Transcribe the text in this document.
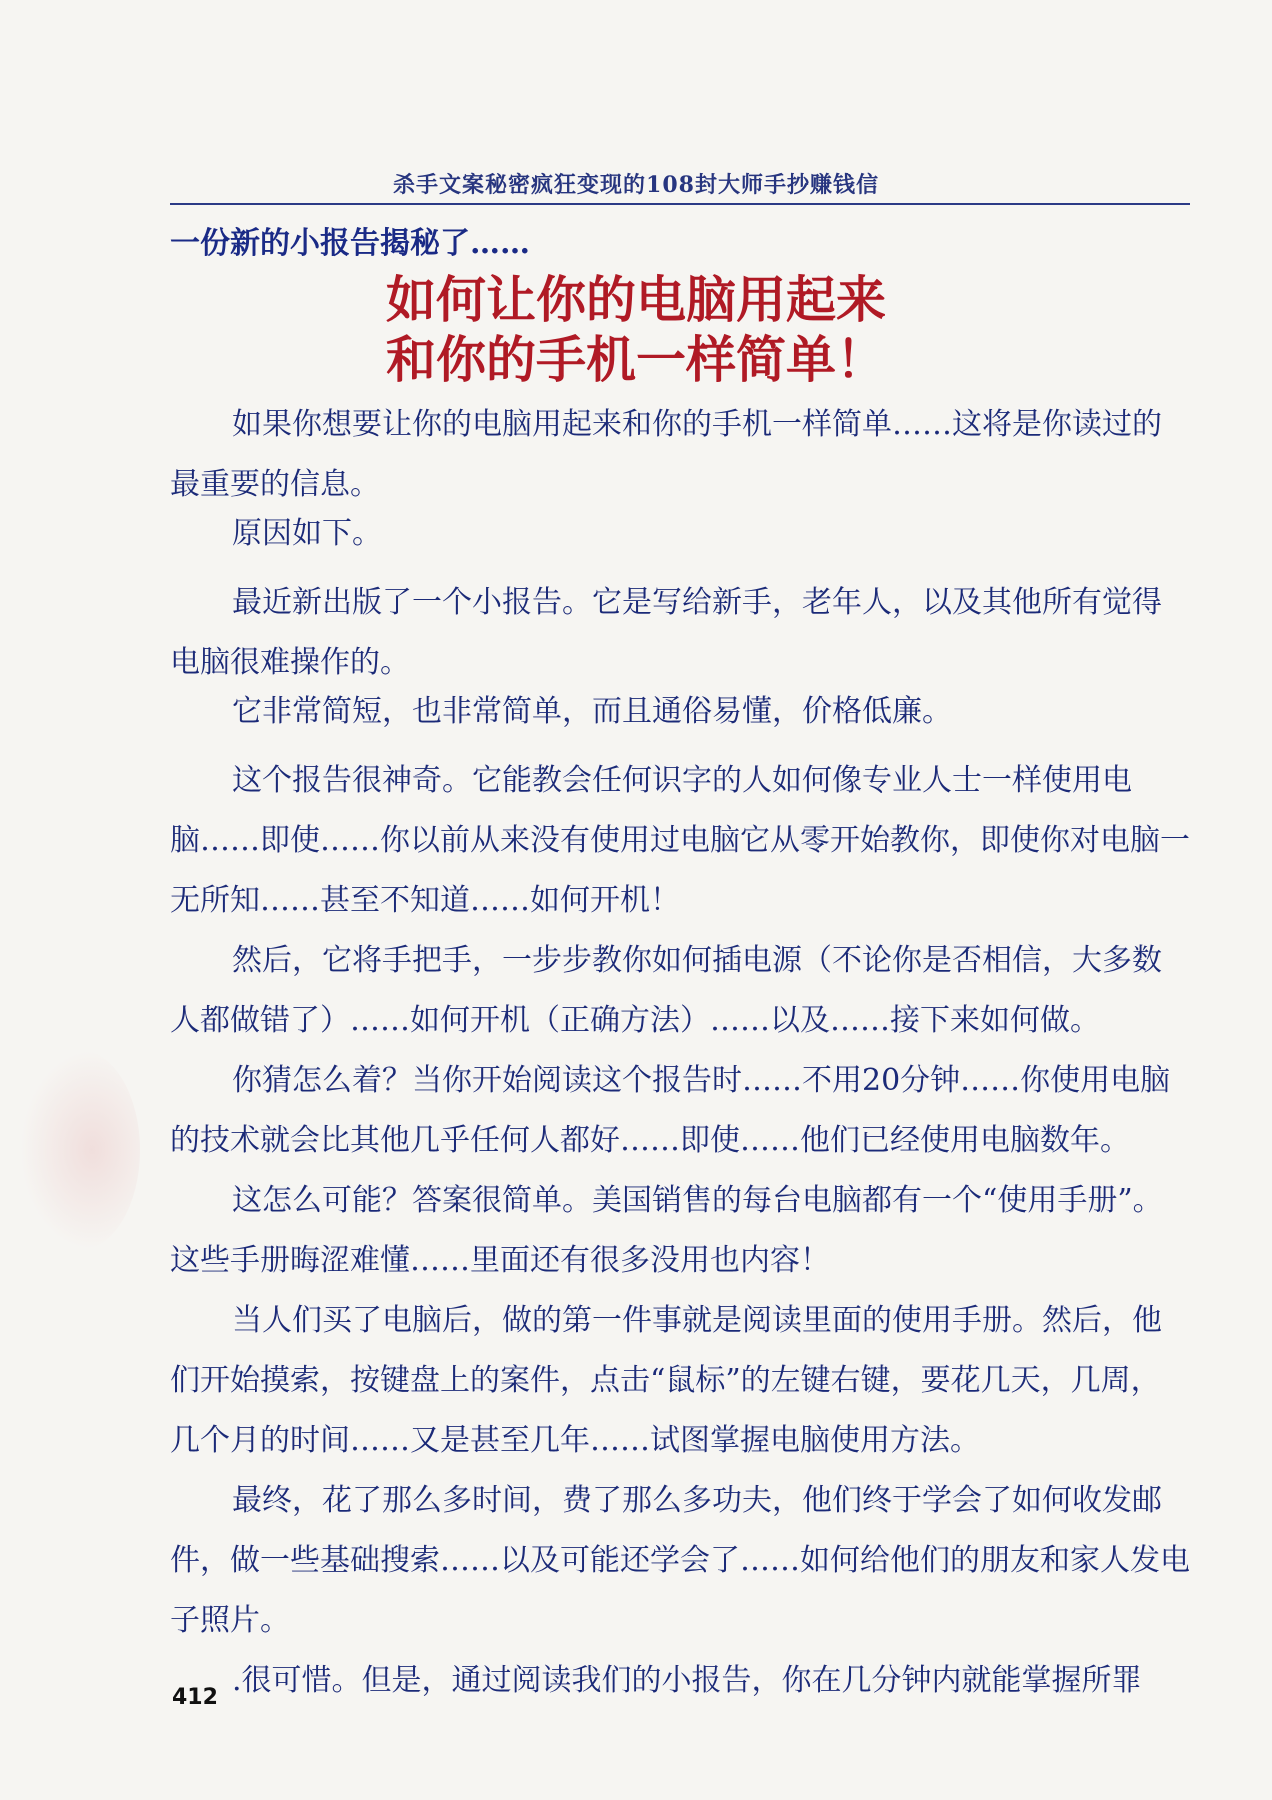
杀手文案秘密疯狂变现的108封大师手抄赚钱信
一份新的小报告揭秘了……
如何让你的电脑用起来
和你的手机一样简单！

如果你想要让你的电脑用起来和你的手机一样简单……这将是你读过的最重要的信息。

原因如下。

最近新出版了一个小报告。它是写给新手，老年人，以及其他所有觉得电脑很难操作的。

它非常简短，也非常简单，而且通俗易懂，价格低廉。

这个报告很神奇。它能教会任何识字的人如何像专业人士一样使用电脑……即使……你以前从来没有使用过电脑它从零开始教你，即使你对电脑一无所知……甚至不知道……如何开机！

然后，它将手把手，一步步教你如何插电源（不论你是否相信，大多数人都做错了）……如何开机（正确方法）……以及……接下来如何做。

你猜怎么着？当你开始阅读这个报告时……不用20分钟……你使用电脑的技术就会比其他几乎任何人都好……即使……他们已经使用电脑数年。

这怎么可能？答案很简单。美国销售的每台电脑都有一个“使用手册”。这些手册晦涩难懂……里面还有很多没用也内容！

当人们买了电脑后，做的第一件事就是阅读里面的使用手册。然后，他们开始摸索，按键盘上的案件，点击“鼠标”的左键右键，要花几天，几周，几个月的时间……又是甚至几年……试图掌握电脑使用方法。

最终，花了那么多时间，费了那么多功夫，他们终于学会了如何收发邮件，做一些基础搜索……以及可能还学会了……如何给他们的朋友和家人发电子照片。

.很可惜。但是，通过阅读我们的小报告，你在几分钟内就能掌握所罪

412
